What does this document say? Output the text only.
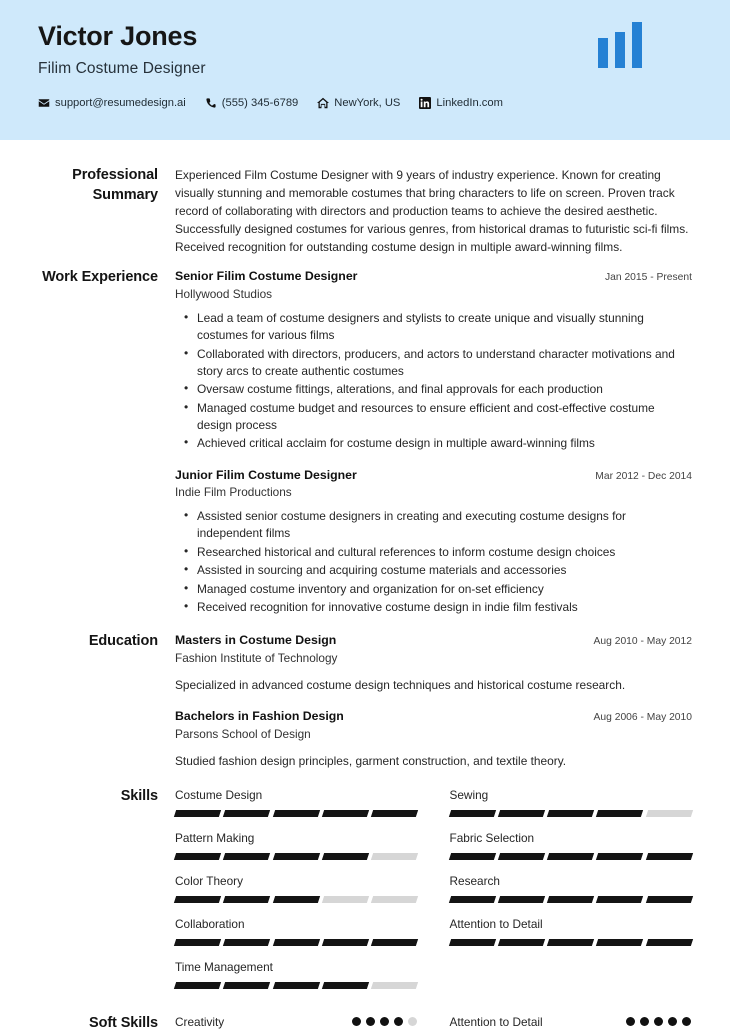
Victor Jones
Filim Costume Designer
support@resumedesign.ai	(555) 345-6789	NewYork, US	LinkedIn.com
Professional Summary
Experienced Film Costume Designer with 9 years of industry experience. Known for creating visually stunning and memorable costumes that bring characters to life on screen. Proven track record of collaborating with directors and production teams to achieve the desired aesthetic. Successfully designed costumes for various genres, from historical dramas to futuristic sci-fi films. Received recognition for outstanding costume design in multiple award-winning films.
Work Experience Senior Filim Costume Designer	Jan 2015 - Present
Hollywood Studios
• Lead a team of costume designers and stylists to create unique and visually stunning costumes for various films
• Collaborated with directors, producers, and actors to understand character motivations and story arcs to create authentic costumes
• Oversaw costume fittings, alterations, and final approvals for each production
• Managed costume budget and resources to ensure efficient and cost-effective costume design process
• Achieved critical acclaim for costume design in multiple award-winning films
Junior Filim Costume Designer	Mar 2012 - Dec 2014
Indie Film Productions
• Assisted senior costume designers in creating and executing costume designs for independent films
• Researched historical and cultural references to inform costume design choices
• Assisted in sourcing and acquiring costume materials and accessories
• Managed costume inventory and organization for on-set efficiency
• Received recognition for innovative costume design in indie film festivals
Education Masters in Costume Design	Aug 2010 - May 2012
Fashion Institute of Technology
Specialized in advanced costume design techniques and historical costume research.
Bachelors in Fashion Design	Aug 2006 - May 2010
Parsons School of Design
Studied fashion design principles, garment construction, and textile theory.
Skills Costume Design	Sewing
Pattern Making	Fabric Selection
Color Theory	Research
Collaboration	Attention to Detail
Time Management
Soft Skills Creativity	Attention to Detail
